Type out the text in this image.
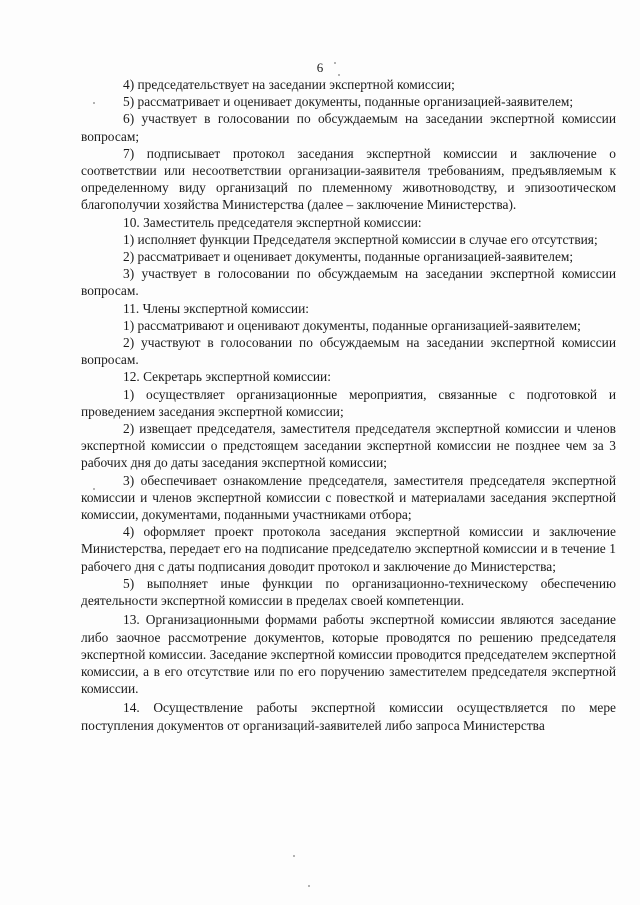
6

4) председательствует на заседании экспертной комиссии;

5) рассматривает и оценивает документы, поданные организацией-заявителем;

6) участвует в голосовании по обсуждаемым на заседании экспертной комиссии вопросам;

7) подписывает протокол заседания экспертной комиссии и заключение о соответствии или несоответствии организации-заявителя требованиям, предъявляемым к определенному виду организаций по племенному животноводству, и эпизоотическом благополучии хозяйства Министерства (далее – заключение Министерства).

10. Заместитель председателя экспертной комиссии:

1) исполняет функции Председателя экспертной комиссии в случае его отсутствия;

2) рассматривает и оценивает документы, поданные организацией-заявителем;

3) участвует в голосовании по обсуждаемым на заседании экспертной комиссии вопросам.

11. Члены экспертной комиссии:

1) рассматривают и оценивают документы, поданные организацией-заявителем;

2) участвуют в голосовании по обсуждаемым на заседании экспертной комиссии вопросам.

12. Секретарь экспертной комиссии:

1) осуществляет организационные мероприятия, связанные с подготовкой и проведением заседания экспертной комиссии;

2) извещает председателя, заместителя председателя экспертной комиссии и членов экспертной комиссии о предстоящем заседании экспертной комиссии не позднее чем за 3 рабочих дня до даты заседания экспертной комиссии;

3) обеспечивает ознакомление председателя, заместителя председателя экспертной комиссии и членов экспертной комиссии с повесткой и материалами заседания экспертной комиссии, документами, поданными участниками отбора;

4) оформляет проект протокола заседания экспертной комиссии и заключение Министерства, передает его на подписание председателю экспертной комиссии и в течение 1 рабочего дня с даты подписания доводит протокол и заключение до Министерства;

5) выполняет иные функции по организационно-техническому обеспечению деятельности экспертной комиссии в пределах своей компетенции.

13. Организационными формами работы экспертной комиссии являются заседание либо заочное рассмотрение документов, которые проводятся по решению председателя экспертной комиссии. Заседание экспертной комиссии проводится председателем экспертной комиссии, а в его отсутствие или по его поручению заместителем председателя экспертной комиссии.

14. Осуществление работы экспертной комиссии осуществляется по мере поступления документов от организаций-заявителей либо запроса Министерства
